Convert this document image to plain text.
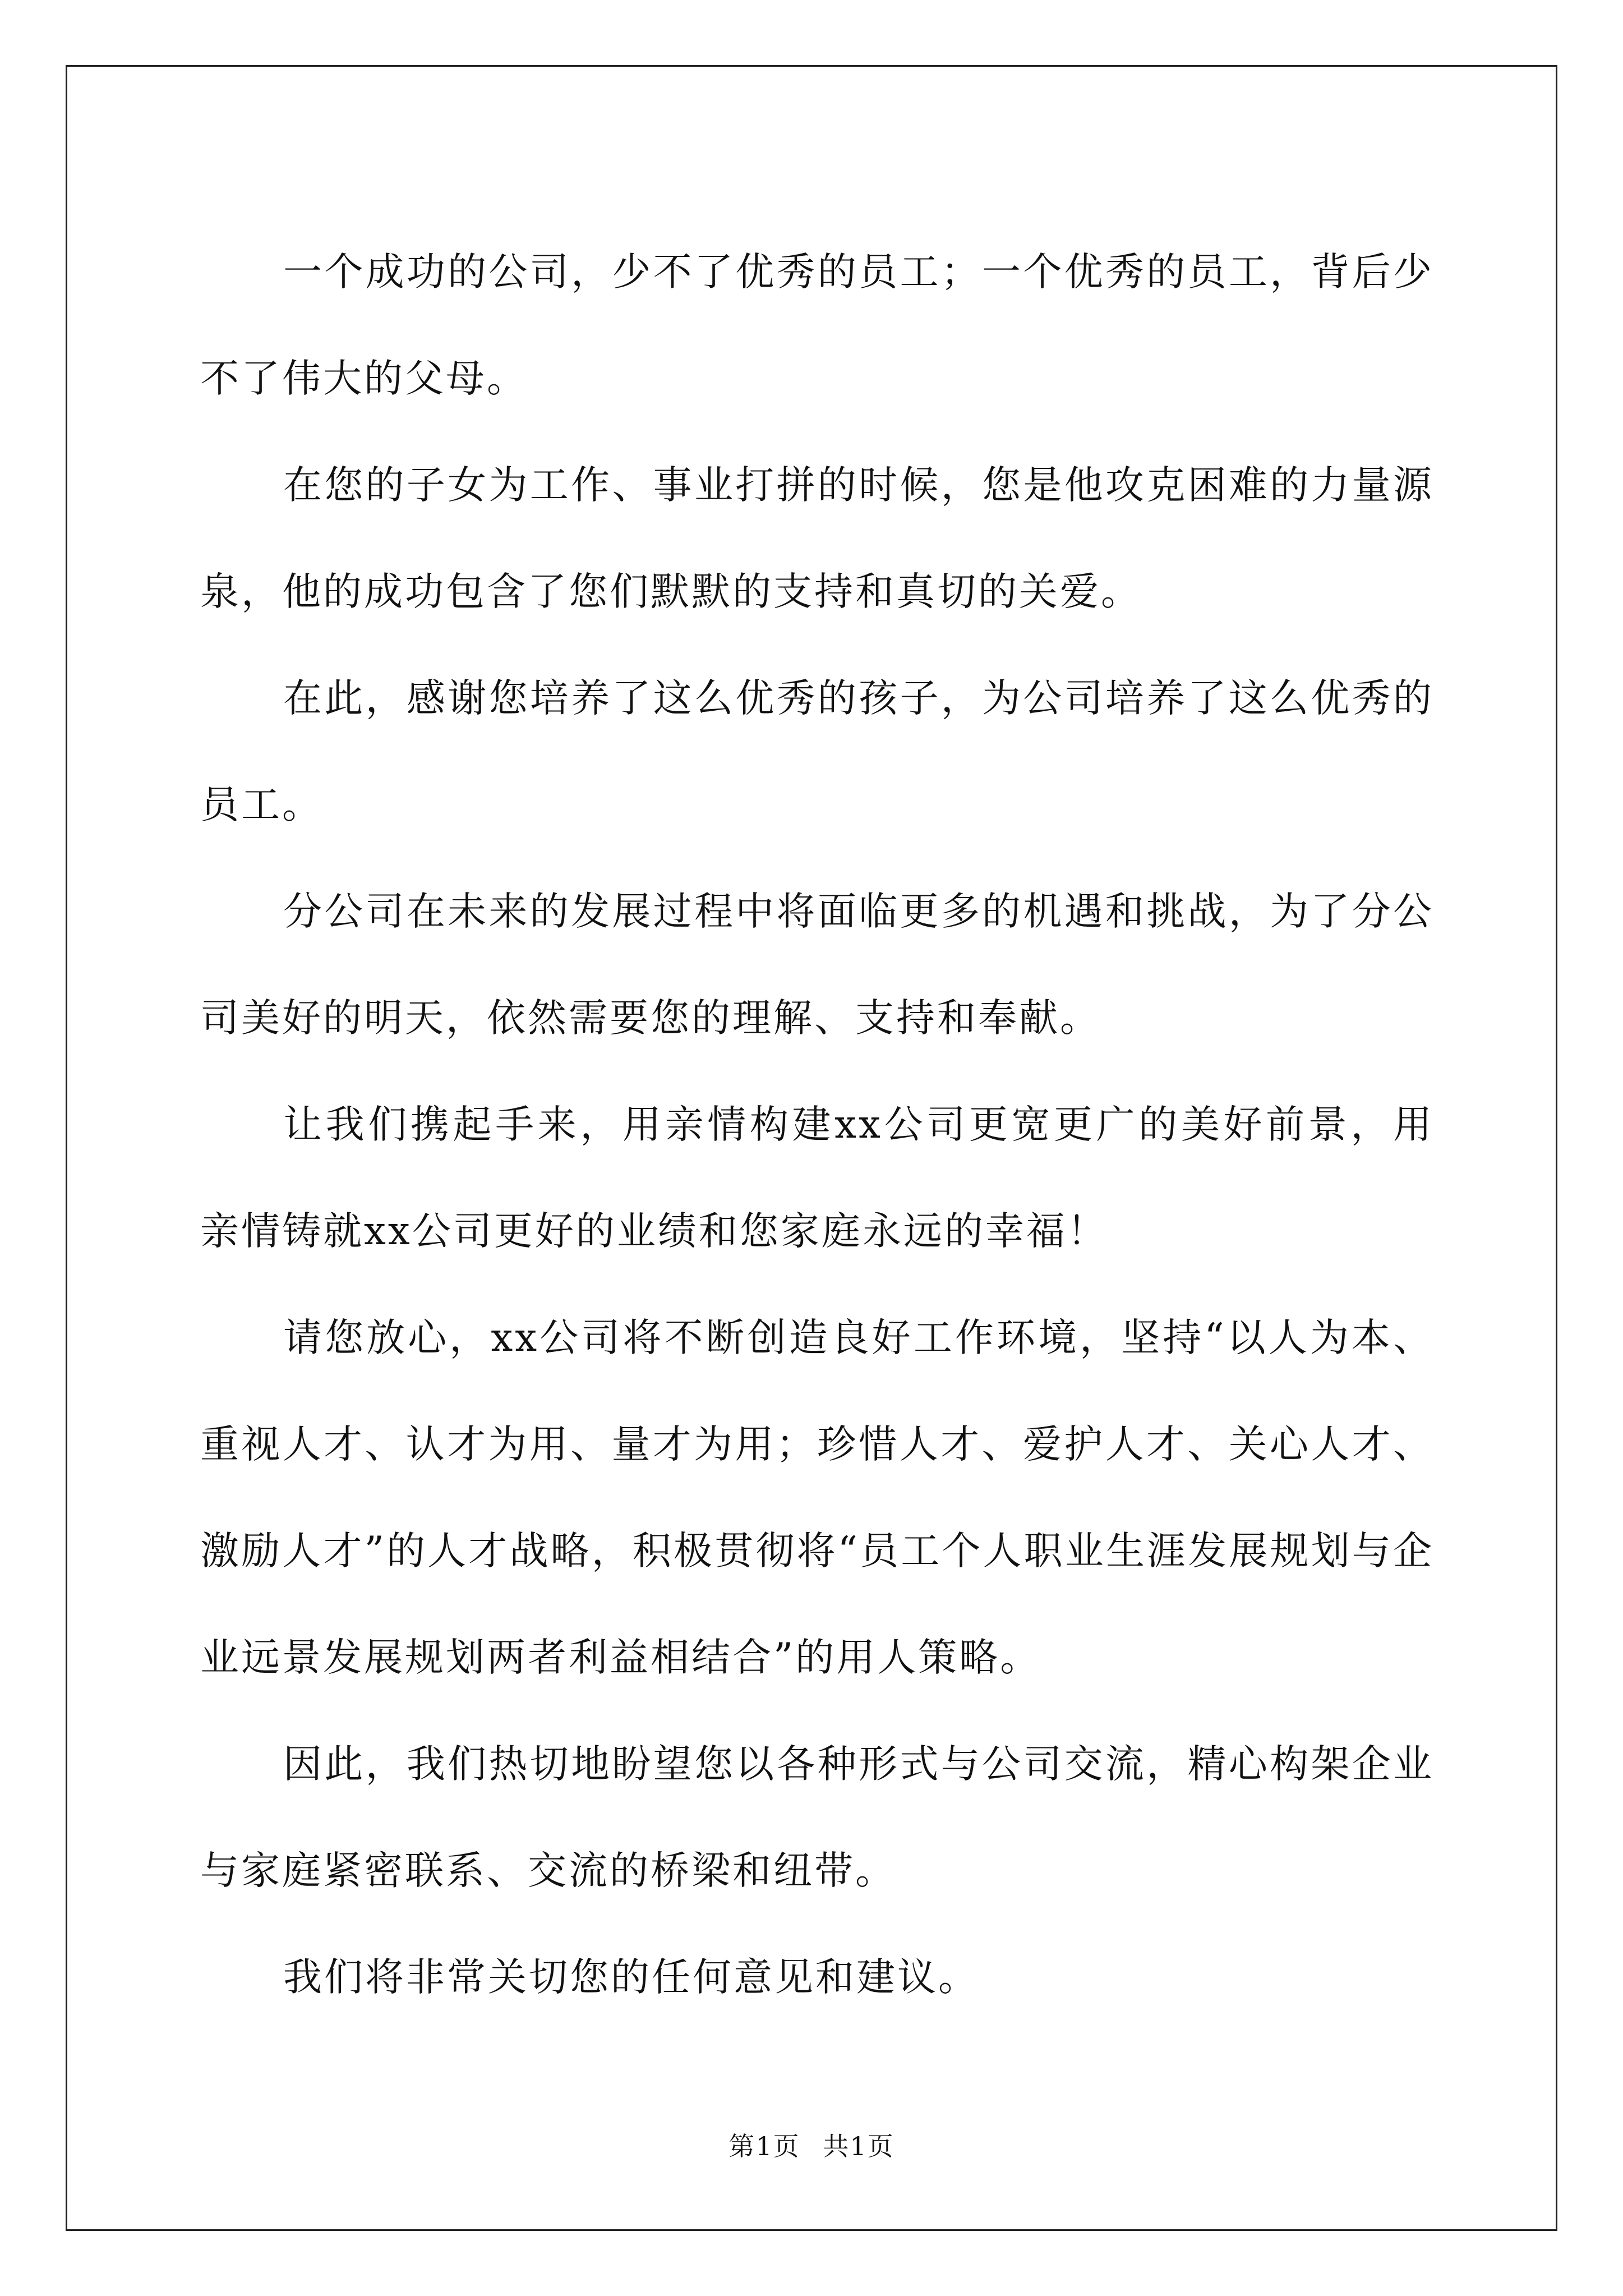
一个成功的公司，少不了优秀的员工；一个优秀的员工，背后少不了伟大的父母。

在您的子女为工作、事业打拼的时候，您是他攻克困难的力量源泉，他的成功包含了您们默默的支持和真切的关爱。

在此，感谢您培养了这么优秀的孩子，为公司培养了这么优秀的员工。

分公司在未来的发展过程中将面临更多的机遇和挑战，为了分公司美好的明天，依然需要您的理解、支持和奉献。

让我们携起手来，用亲情构建xx公司更宽更广的美好前景，用亲情铸就xx公司更好的业绩和您家庭永远的幸福！

请您放心，xx公司将不断创造良好工作环境，坚持“以人为本、重视人才、认才为用、量才为用；珍惜人才、爱护人才、关心人才、激励人才”的人才战略，积极贯彻将“员工个人职业生涯发展规划与企业远景发展规划两者利益相结合”的用人策略。

因此，我们热切地盼望您以各种形式与公司交流，精心构架企业与家庭紧密联系、交流的桥梁和纽带。

我们将非常关切您的任何意见和建议。

第1页 共1页
